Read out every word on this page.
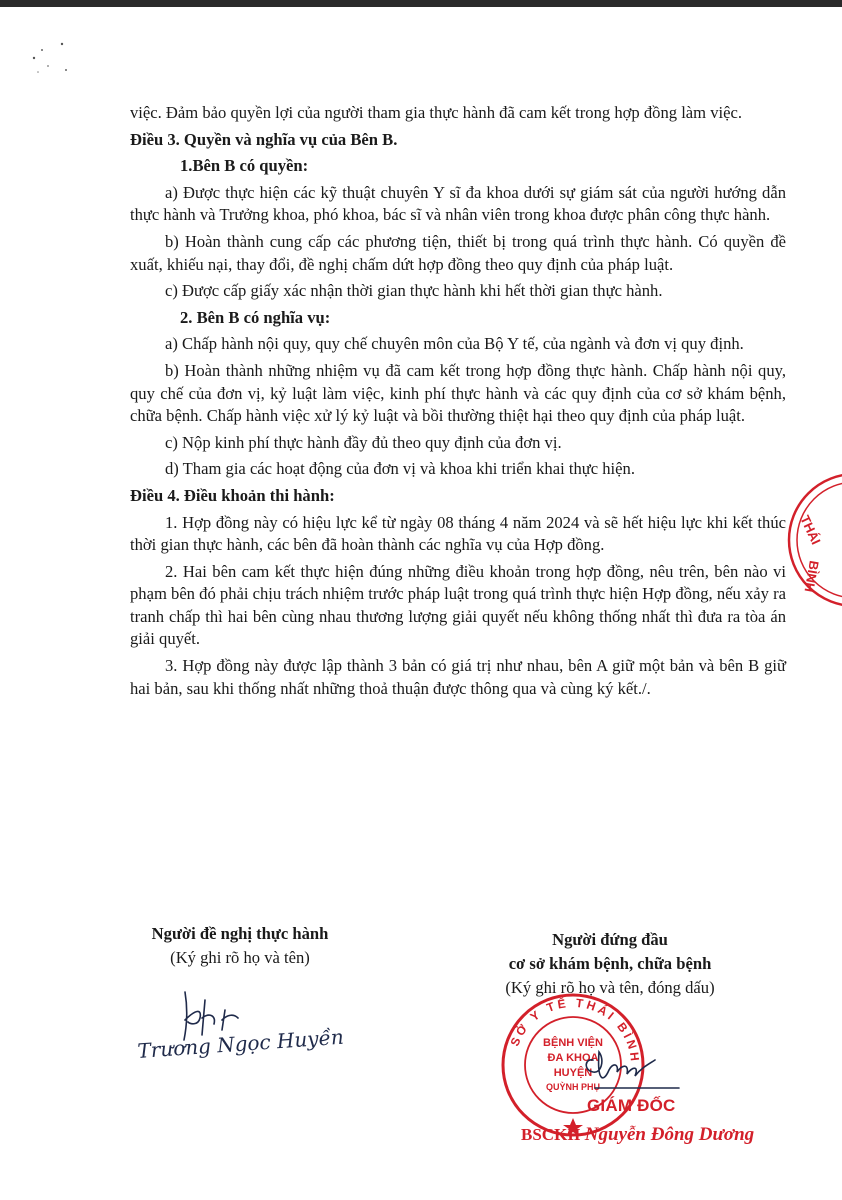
việc. Đảm bảo quyền lợi của người tham gia thực hành đã cam kết trong hợp đồng làm việc.

Điều 3. Quyền và nghĩa vụ của Bên B.

1.Bên B có quyền:

a) Được thực hiện các kỹ thuật chuyên Y sĩ đa khoa dưới sự giám sát của người hướng dẫn thực hành và Trưởng khoa, phó khoa, bác sĩ và nhân viên trong khoa được phân công thực hành.

b) Hoàn thành cung cấp các phương tiện, thiết bị trong quá trình thực hành. Có quyền đề xuất, khiếu nại, thay đổi, đề nghị chấm dứt hợp đồng theo quy định của pháp luật.

c) Được cấp giấy xác nhận thời gian thực hành khi hết thời gian thực hành.

2. Bên B có nghĩa vụ:

a) Chấp hành nội quy, quy chế chuyên môn của Bộ Y tế, của ngành và đơn vị quy định.

b) Hoàn thành những nhiệm vụ đã cam kết trong hợp đồng thực hành. Chấp hành nội quy, quy chế của đơn vị, kỷ luật làm việc, kinh phí thực hành và các quy định của cơ sở khám bệnh, chữa bệnh. Chấp hành việc xử lý kỷ luật và bồi thường thiệt hại theo quy định của pháp luật.

c) Nộp kinh phí thực hành đầy đủ theo quy định của đơn vị.

d) Tham gia các hoạt động của đơn vị và khoa khi triển khai thực hiện.

Điều 4. Điều khoản thi hành:

1. Hợp đồng này có hiệu lực kể từ ngày 08 tháng 4 năm 2024 và sẽ hết hiệu lực khi kết thúc thời gian thực hành, các bên đã hoàn thành các nghĩa vụ của Hợp đồng.

2. Hai bên cam kết thực hiện đúng những điều khoản trong hợp đồng, nêu trên, bên nào vi phạm bên đó phải chịu trách nhiệm trước pháp luật trong quá trình thực hiện Hợp đồng, nếu xảy ra tranh chấp thì hai bên cùng nhau thương lượng giải quyết nếu không thống nhất thì đưa ra tòa án giải quyết.

3. Hợp đồng này được lập thành 3 bản có giá trị như nhau, bên A giữ một bản và bên B giữ hai bản, sau khi thống nhất những thoả thuận được thông qua và cùng ký kết./.

THÁI
BÌNH
Người đề nghị thực hành
(Ký ghi rõ họ và tên)
Trương Ngọc Huyền
Người đứng đầu
cơ sở khám bệnh, chữa bệnh
(Ký ghi rõ họ và tên, đóng dấu)
SỞ Y TẾ THÁI BÌNH
BỆNH VIỆN
ĐA KHOA
HUYỆN
QUỲNH PHỤ
GIÁM ĐỐC
BSCKII Nguyễn Đông Dương
